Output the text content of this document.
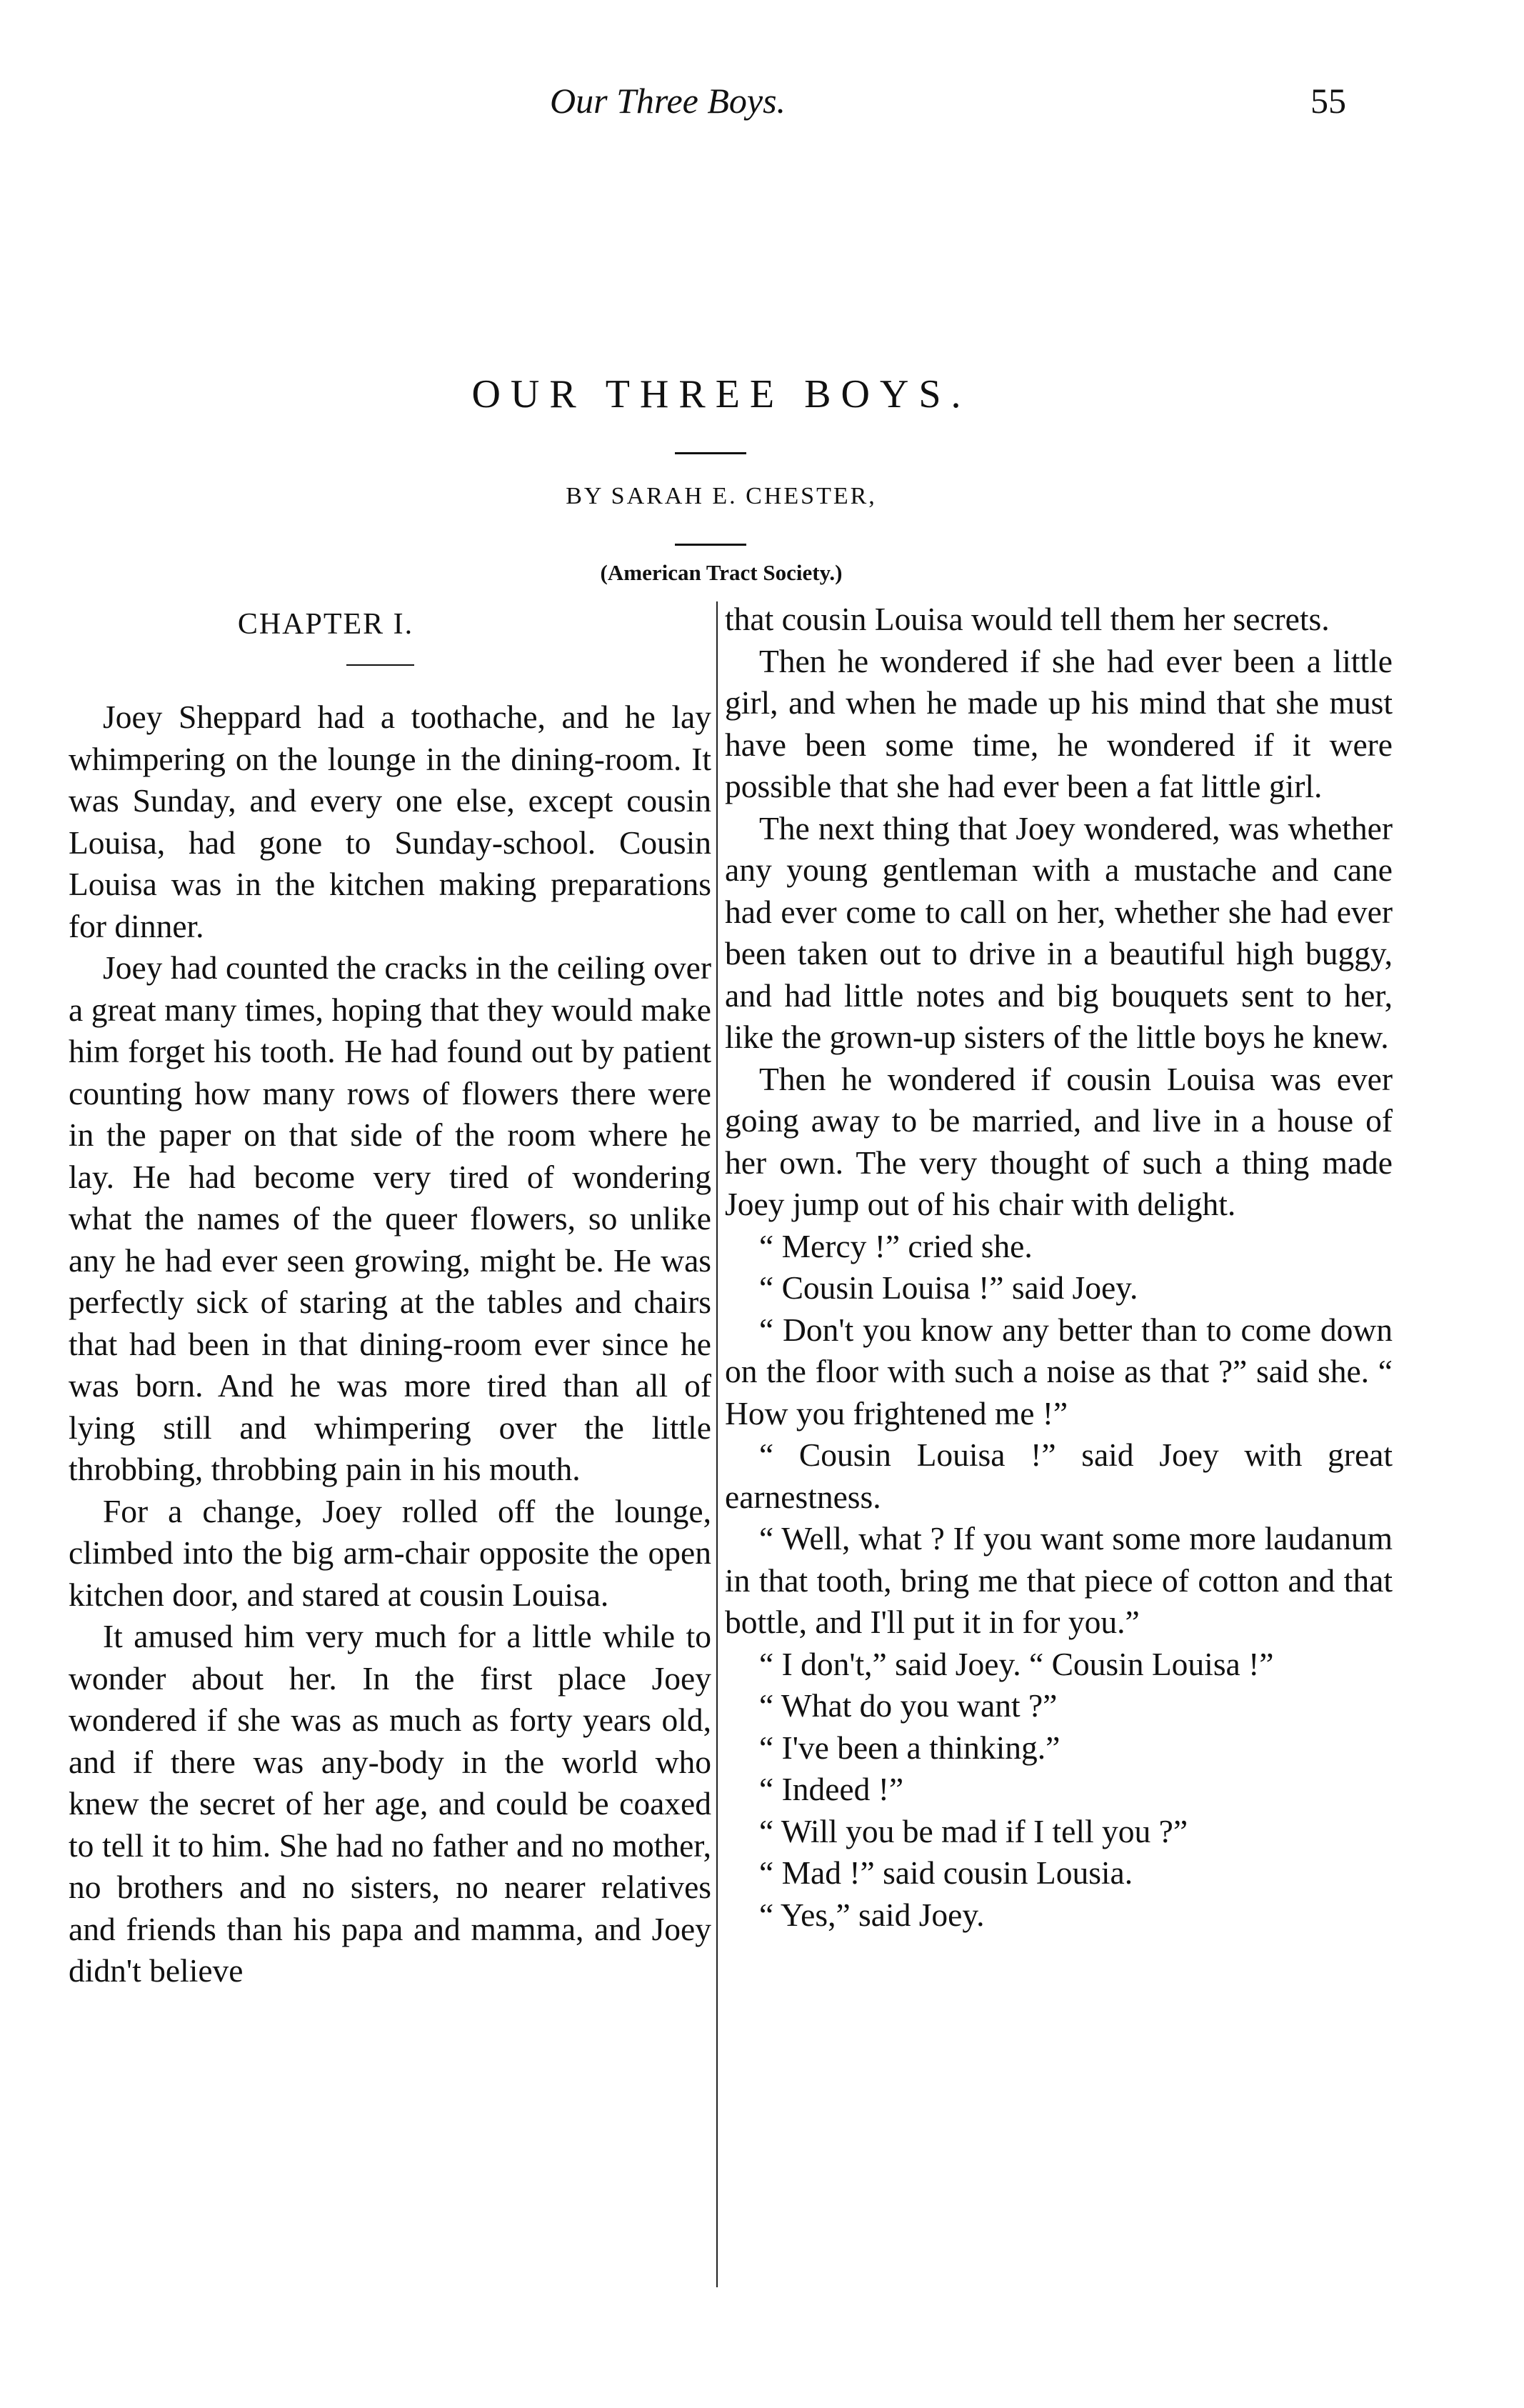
Our Three Boys.	55
OUR THREE BOYS.
BY SARAH E. CHESTER,
(American Tract Society.)
CHAPTER I.

Joey Sheppard had a toothache, and he lay whimpering on the lounge in the dining-room. It was Sunday, and every one else, except cousin Louisa, had gone to Sunday-school. Cousin Louisa was in the kitchen making preparations for dinner.

Joey had counted the cracks in the ceiling over a great many times, hoping that they would make him forget his tooth. He had found out by patient counting how many rows of flowers there were in the paper on that side of the room where he lay. He had become very tired of wondering what the names of the queer flowers, so unlike any he had ever seen growing, might be. He was perfectly sick of staring at the tables and chairs that had been in that dining-room ever since he was born. And he was more tired than all of lying still and whimpering over the little throbbing, throbbing pain in his mouth.

For a change, Joey rolled off the lounge, climbed into the big arm-chair opposite the open kitchen door, and stared at cousin Louisa.

It amused him very much for a little while to wonder about her. In the first place Joey wondered if she was as much as forty years old, and if there was any-body in the world who knew the secret of her age, and could be coaxed to tell it to him. She had no father and no mother, no brothers and no sisters, no nearer relatives and friends than his papa and mamma, and Joey didn't believe

that cousin Louisa would tell them her secrets.

Then he wondered if she had ever been a little girl, and when he made up his mind that she must have been some time, he wondered if it were possible that she had ever been a fat little girl.

The next thing that Joey wondered, was whether any young gentleman with a mustache and cane had ever come to call on her, whether she had ever been taken out to drive in a beautiful high buggy, and had little notes and big bouquets sent to her, like the grown-up sisters of the little boys he knew.

Then he wondered if cousin Louisa was ever going away to be married, and live in a house of her own. The very thought of such a thing made Joey jump out of his chair with delight.

“ Mercy !” cried she.

“ Cousin Louisa !” said Joey.

“ Don't you know any better than to come down on the floor with such a noise as that ?” said she. “ How you frightened me !”

“ Cousin Louisa !” said Joey with great earnestness.

“ Well, what ? If you want some more laudanum in that tooth, bring me that piece of cotton and that bottle, and I'll put it in for you.”

“ I don't,” said Joey. “ Cousin Louisa !”

“ What do you want ?”

“ I've been a thinking.”

“ Indeed !”

“ Will you be mad if I tell you ?”

“ Mad !” said cousin Lousia.

“ Yes,” said Joey.
